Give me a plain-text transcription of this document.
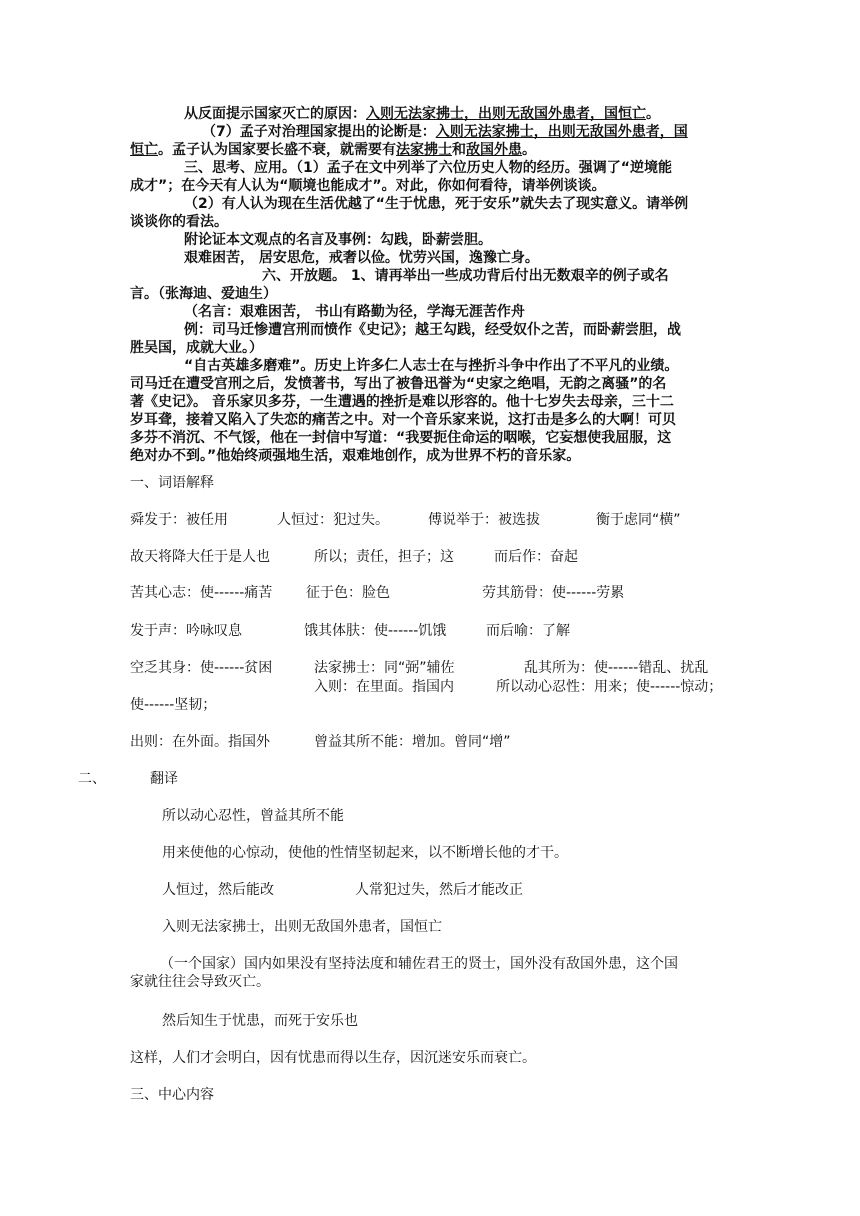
从反面提示国家灭亡的原因：入则无法家拂士，出则无敌国外患者，国恒亡。
（7）孟子对治理国家提出的论断是：入则无法家拂士，出则无敌国外患者，国
恒亡。孟子认为国家要长盛不衰，就需要有法家拂士和敌国外患。
三、思考、应用。（1）孟子在文中列举了六位历史人物的经历。强调了“逆境能
成才”；在今天有人认为“顺境也能成才”。对此，你如何看待，请举例谈谈。
（2）有人认为现在生活优越了“生于忧患，死于安乐”就失去了现实意义。请举例
谈谈你的看法。
附论证本文观点的名言及事例：勾践，卧薪尝胆。
艰难困苦， 居安思危，戒奢以俭。忧劳兴国，逸豫亡身。
六、开放题。 1、请再举出一些成功背后付出无数艰辛的例子或名
言。（张海迪、爱迪生）
（名言：艰难困苦， 书山有路勤为径，学海无涯苦作舟
例：司马迁惨遭宫刑而愤作《史记》；越王勾践，经受奴仆之苦，而卧薪尝胆，战
胜吴国，成就大业。）
“自古英雄多磨难”。历史上许多仁人志士在与挫折斗争中作出了不平凡的业绩。
司马迁在遭受宫刑之后，发愤著书，写出了被鲁迅誉为“史家之绝唱，无韵之离骚”的名
著《史记》。 音乐家贝多芬，一生遭遇的挫折是难以形容的。他十七岁失去母亲，三十二
岁耳聋，接着又陷入了失恋的痛苦之中。对一个音乐家来说，这打击是多么的大啊！可贝
多芬不消沉、不气馁，他在一封信中写道：“我要扼住命运的咽喉，它妄想使我屈服，这
绝对办不到。”他始终顽强地生活，艰难地创作，成为世界不朽的音乐家。
一、词语解释
舜发于：被任用	人恒过：犯过失。	傅说举于：被选拔	衡于虑同“横”
故天将降大任于是人也	所以；责任，担子；这	而后作：奋起
苦其心志：使------痛苦 征于色：脸色	劳其筋骨：使------劳累
发于声：吟咏叹息	饿其体肤：使------饥饿	而后喻：了解
空乏其身：使------贫困	法家拂士：同“弼”辅佐	乱其所为：使------错乱、扰乱
入则：在里面。指国内	所以动心忍性：用来；使------惊动；
使------坚韧；
出则：在外面。指国外	曾益其所不能：增加。曾同“增”
二、	翻译
所以动心忍性，曾益其所不能
用来使他的心惊动，使他的性情坚韧起来，以不断增长他的才干。
人恒过，然后能改	人常犯过失，然后才能改正
入则无法家拂士，出则无敌国外患者，国恒亡
（一个国家）国内如果没有坚持法度和辅佐君王的贤士，国外没有敌国外患，这个国
家就往往会导致灭亡。
然后知生于忧患，而死于安乐也
这样，人们才会明白，因有忧患而得以生存，因沉迷安乐而衰亡。
三、中心内容
